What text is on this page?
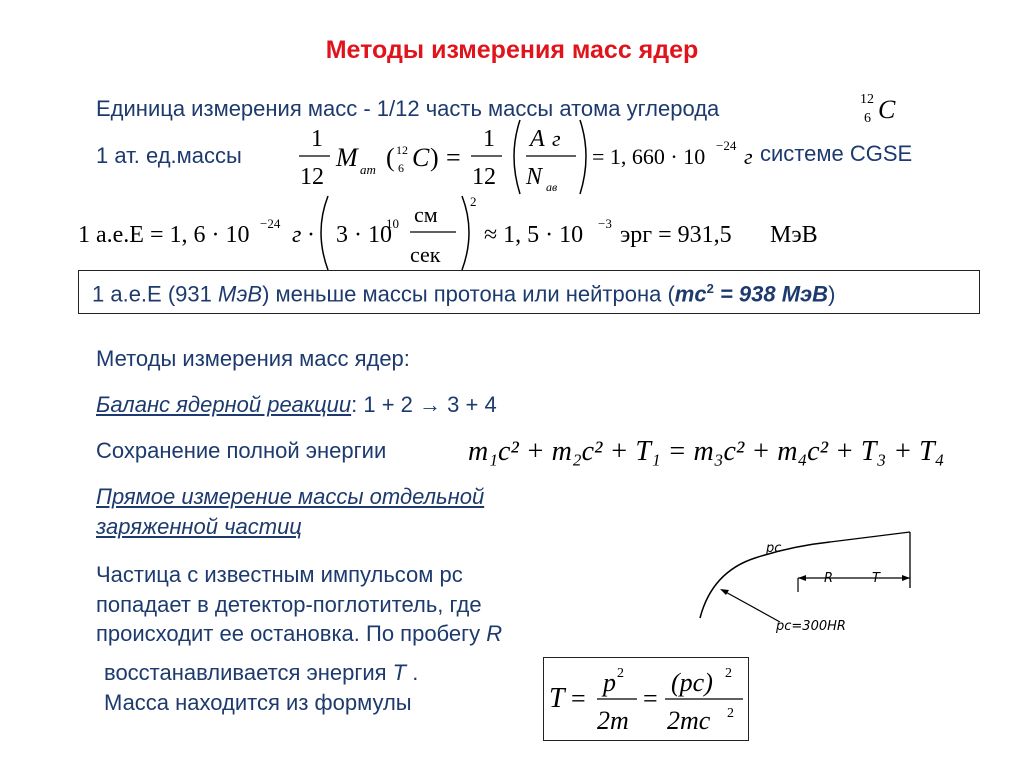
Методы измерения масс ядер
Единица измерения масс - 1/12 часть массы атома углерода	12
6 C
1 ат. ед.массы
1
12
M ат ( 12
6 C ) =
1
12
A г
N ав
= 1, 660 · 10 −24 г системе CGSE
1 а.е.Е = 1, 6 · 10 −24 г · 3 · 10
10 см
сек
2
≈ 1, 5 · 10 −3 эрг = 931,5 МэВ
1 а.е.Е (931 МэВ) меньше массы протона или нейтрона ($mc^2 = 938$ МэВ)
Методы измерения масс ядер:
Баланс ядерной реакции: 1 + 2 → 3 + 4
Сохранение полной энергии	m₁c² + m₂c² + T₁ = m₃c² + m₄c² + T₃ + T₄
Прямое измерение массы отдельной
заряженной частиц
Частица с известным импульсом pc
попадает в детектор-поглотитель, где
происходит ее остановка. По пробегу R
восстанавливается энергия T .
Масса находится из формулы
pc
R	T
pc=300HR
T =
p 2
2m
=
(pc) 2
2mc 2
